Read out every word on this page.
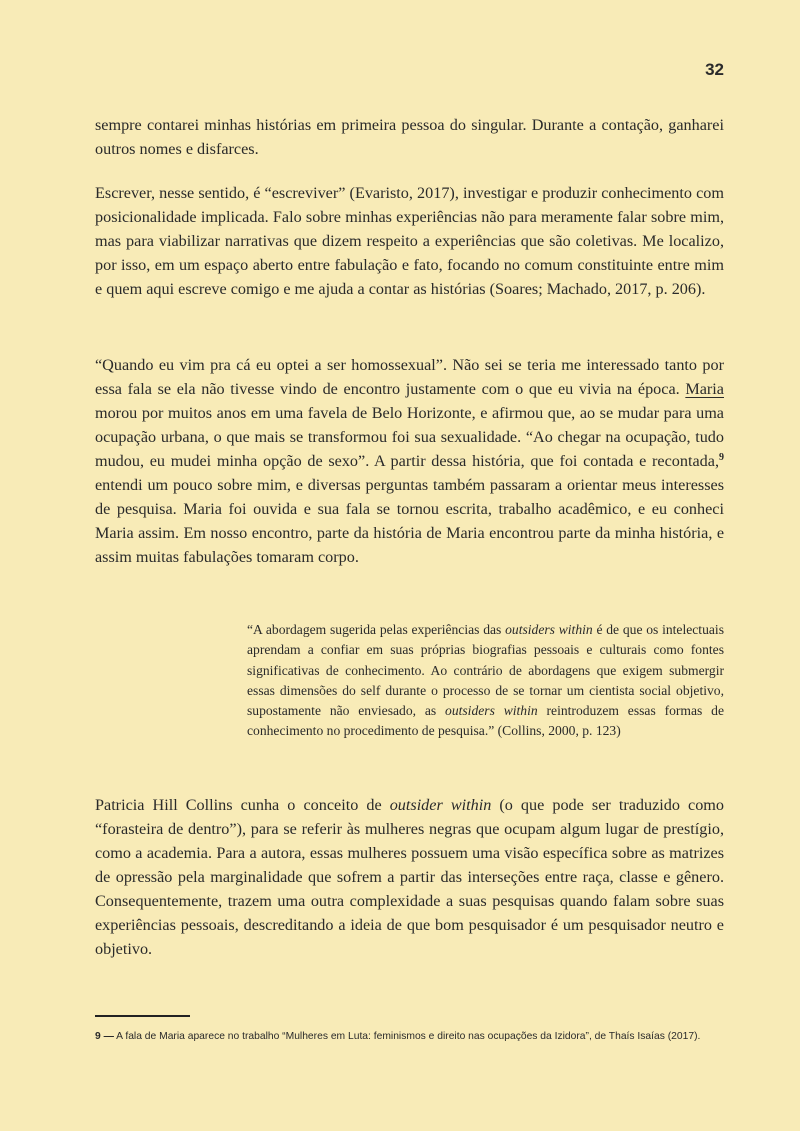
32

sempre contarei minhas histórias em primeira pessoa do singular. Durante a contação, ganharei outros nomes e disfarces.

Escrever, nesse sentido, é “escreviver” (Evaristo, 2017), investigar e produzir conhecimento com posicionalidade implicada. Falo sobre minhas experiências não para meramente falar sobre mim, mas para viabilizar narrativas que dizem respeito a experiências que são coletivas. Me localizo, por isso, em um espaço aberto entre fabulação e fato, focando no comum constituinte entre mim e quem aqui escreve comigo e me ajuda a contar as histórias (Soares; Machado, 2017, p. 206).

“Quando eu vim pra cá eu optei a ser homossexual”. Não sei se teria me interessado tanto por essa fala se ela não tivesse vindo de encontro justamente com o que eu vivia na época. Maria morou por muitos anos em uma favela de Belo Horizonte, e afirmou que, ao se mudar para uma ocupação urbana, o que mais se transformou foi sua sexualidade. “Ao chegar na ocupação, tudo mudou, eu mudei minha opção de sexo”. A partir dessa história, que foi contada e recontada,$^9$ entendi um pouco sobre mim, e diversas perguntas também passaram a orientar meus interesses de pesquisa. Maria foi ouvida e sua fala se tornou escrita, trabalho acadêmico, e eu conheci Maria assim. Em nosso encontro, parte da história de Maria encontrou parte da minha história, e assim muitas fabulações tomaram corpo.

“A abordagem sugerida pelas experiências das outsiders within é de que os intelectuais aprendam a confiar em suas próprias biografias pessoais e culturais como fontes significativas de conhecimento. Ao contrário de abordagens que exigem submergir essas dimensões do self durante o processo de se tornar um cientista social objetivo, supostamente não enviesado, as outsiders within reintroduzem essas formas de conhecimento no procedimento de pesquisa.” (Collins, 2000, p. 123)

Patricia Hill Collins cunha o conceito de outsider within (o que pode ser traduzido como “forasteira de dentro”), para se referir às mulheres negras que ocupam algum lugar de prestígio, como a academia. Para a autora, essas mulheres possuem uma visão específica sobre as matrizes de opressão pela marginalidade que sofrem a partir das interseções entre raça, classe e gênero. Consequentemente, trazem uma outra complexidade a suas pesquisas quando falam sobre suas experiências pessoais, descreditando a ideia de que bom pesquisador é um pesquisador neutro e objetivo.

9 — A fala de Maria aparece no trabalho “Mulheres em Luta: feminismos e direito nas ocupações da Izidora”, de Thaís Isaías (2017).
